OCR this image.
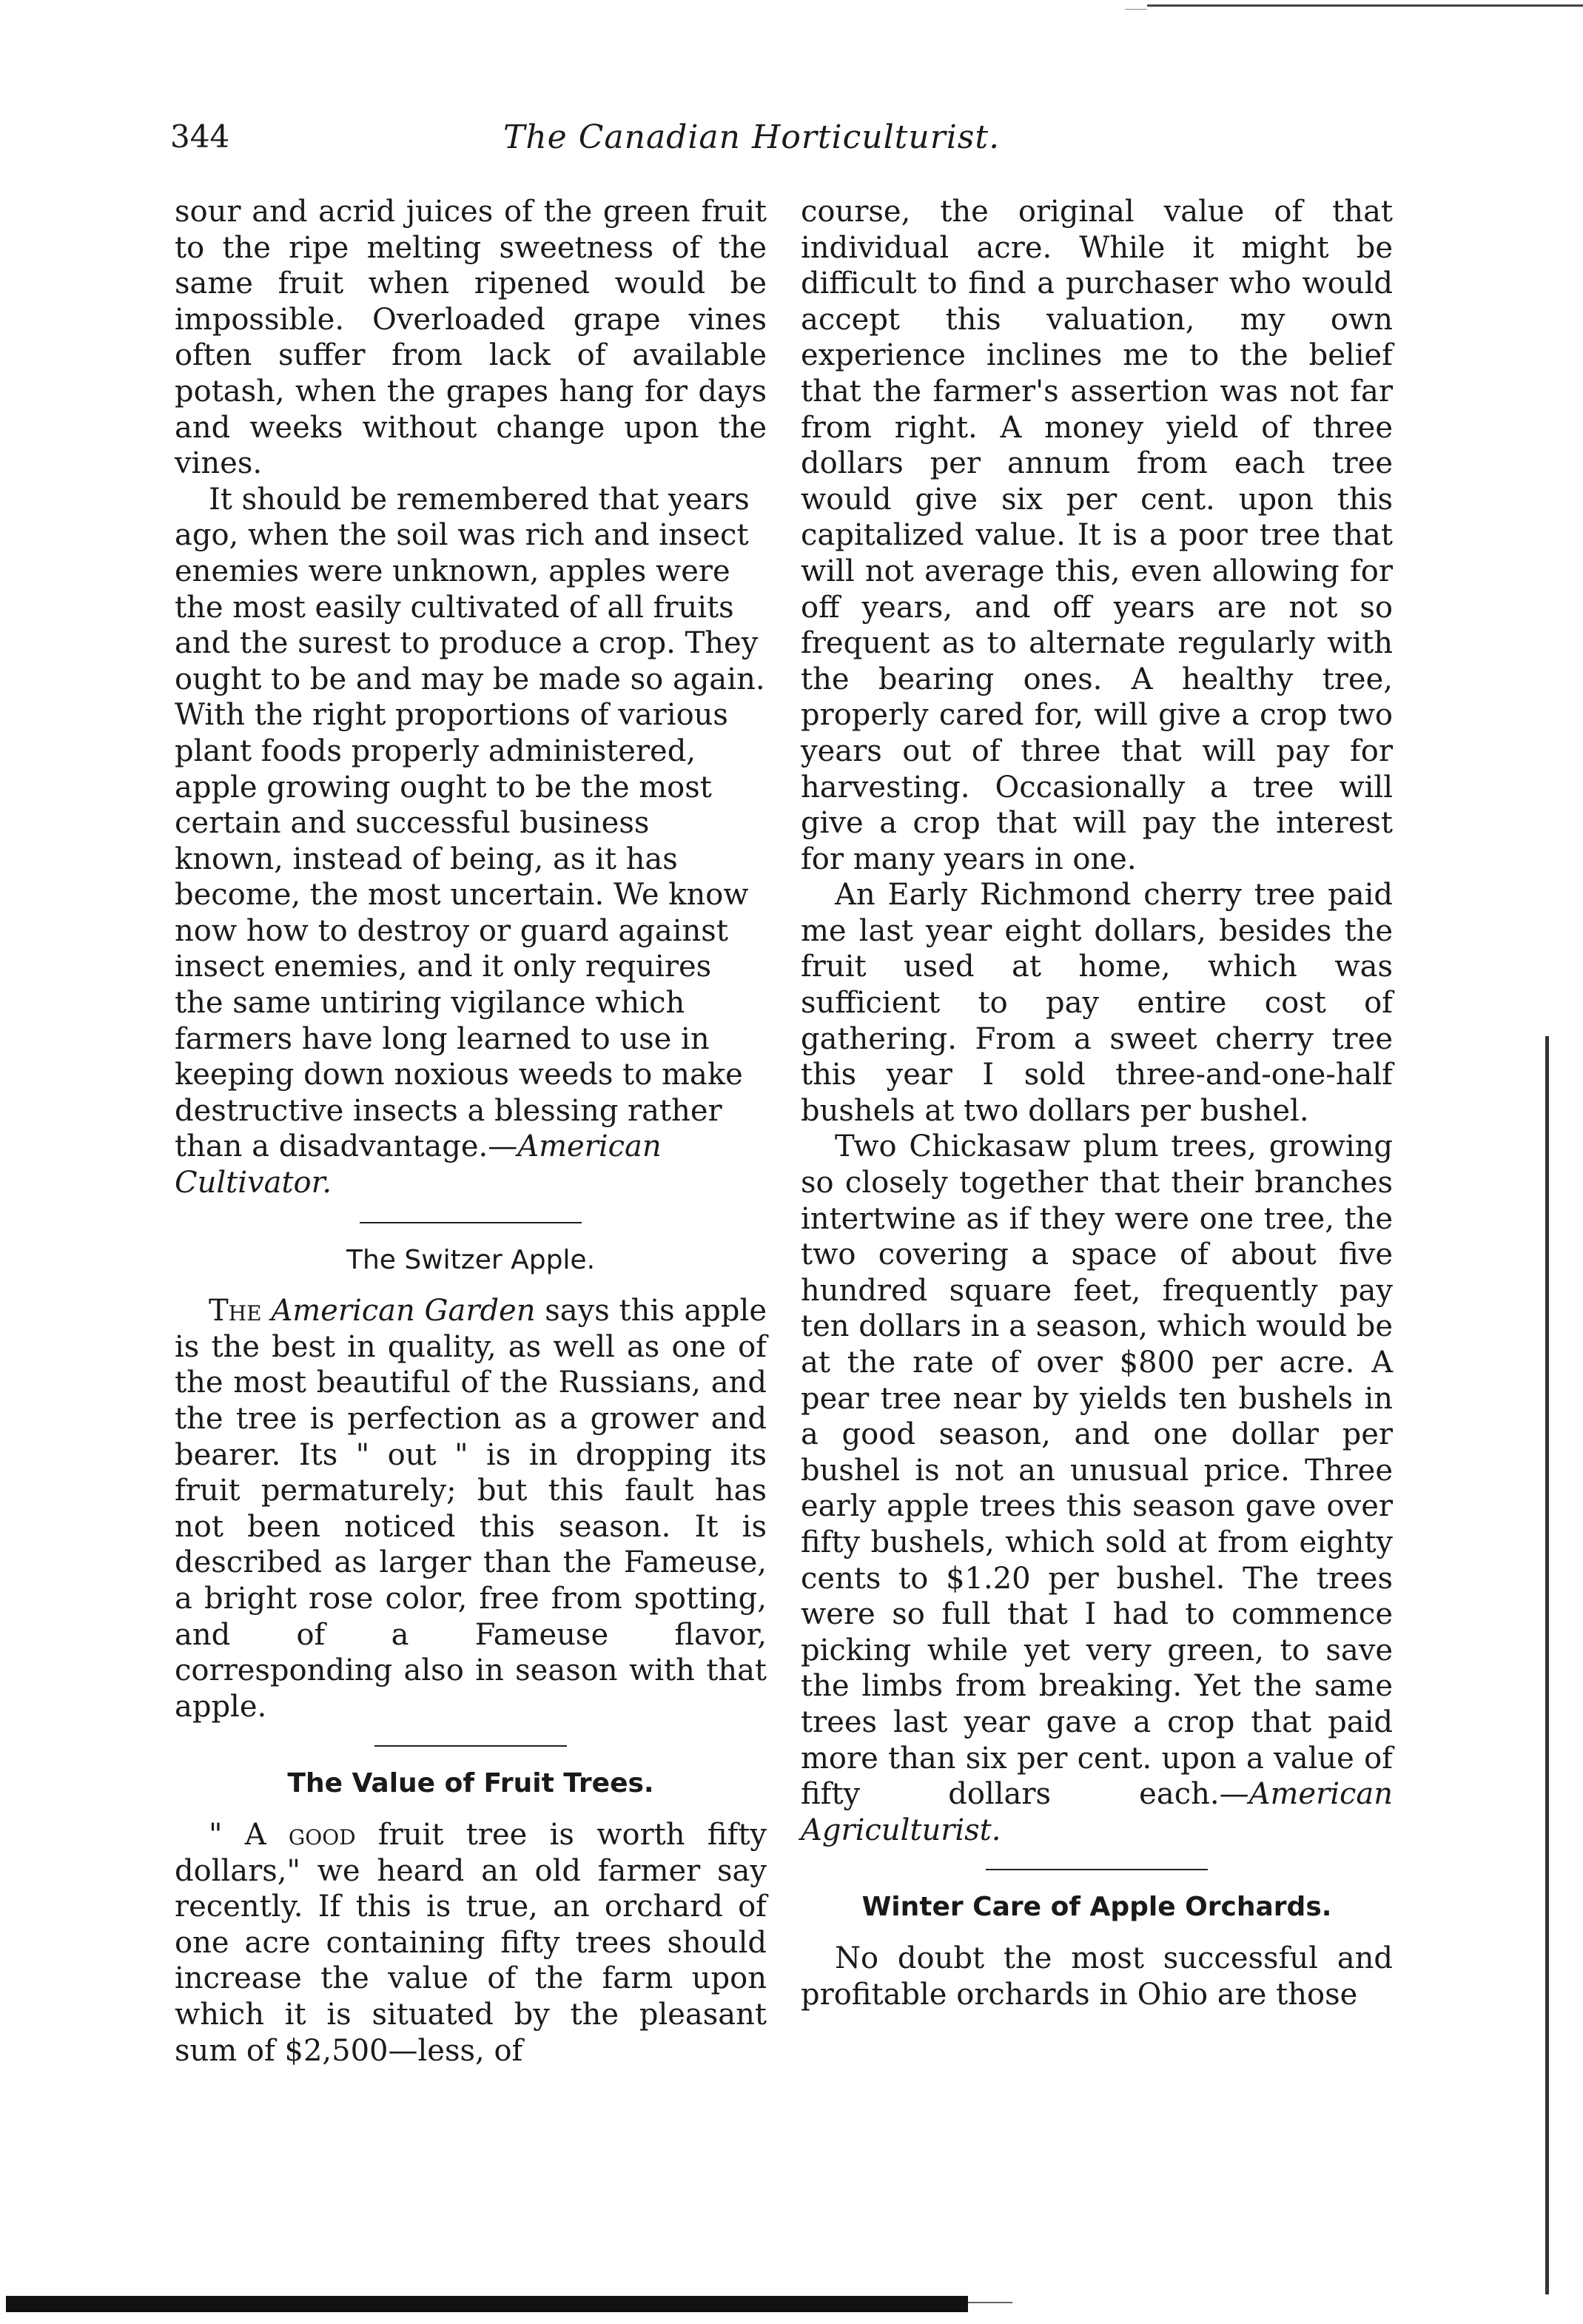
344	The Canadian Horticulturist.

sour and acrid juices of the green fruit to the ripe melting sweetness of the same fruit when ripened would be impossible. Overloaded grape vines often suffer from lack of available potash, when the grapes hang for days and weeks without change upon the vines.

It should be remembered that years ago, when the soil was rich and insect enemies were unknown, apples were the most easily cultivated of all fruits and the surest to produce a crop. They ought to be and may be made so again. With the right proportions of various plant foods properly administered, apple growing ought to be the most certain and successful business known, instead of being, as it has become, the most uncertain. We know now how to destroy or guard against insect enemies, and it only requires the same untiring vigilance which farmers have long learned to use in keeping down noxious weeds to make destructive insects a blessing rather than a disadvantage.—American Cultivator.

The Switzer Apple.

The American Garden says this apple is the best in quality, as well as one of the most beautiful of the Russians, and the tree is perfection as a grower and bearer. Its " out " is in dropping its fruit permaturely; but this fault has not been noticed this season. It is described as larger than the Fameuse, a bright rose color, free from spotting, and of a Fameuse flavor, corresponding also in season with that apple.

The Value of Fruit Trees.

" A good fruit tree is worth fifty dollars," we heard an old farmer say recently. If this is true, an orchard of one acre containing fifty trees should increase the value of the farm upon which it is situated by the pleasant sum of $2,500—less, of

course, the original value of that individual acre. While it might be difficult to find a purchaser who would accept this valuation, my own experience inclines me to the belief that the farmer's assertion was not far from right. A money yield of three dollars per annum from each tree would give six per cent. upon this capitalized value. It is a poor tree that will not average this, even allowing for off years, and off years are not so frequent as to alternate regularly with the bearing ones. A healthy tree, properly cared for, will give a crop two years out of three that will pay for harvesting. Occasionally a tree will give a crop that will pay the interest for many years in one.

An Early Richmond cherry tree paid me last year eight dollars, besides the fruit used at home, which was sufficient to pay entire cost of gathering. From a sweet cherry tree this year I sold three-and-one-half bushels at two dollars per bushel.

Two Chickasaw plum trees, growing so closely together that their branches intertwine as if they were one tree, the two covering a space of about five hundred square feet, frequently pay ten dollars in a season, which would be at the rate of over $800 per acre. A pear tree near by yields ten bushels in a good season, and one dollar per bushel is not an unusual price. Three early apple trees this season gave over fifty bushels, which sold at from eighty cents to $1.20 per bushel. The trees were so full that I had to commence picking while yet very green, to save the limbs from breaking. Yet the same trees last year gave a crop that paid more than six per cent. upon a value of fifty dollars each.—American Agriculturist.

Winter Care of Apple Orchards.

No doubt the most successful and profitable orchards in Ohio are those
